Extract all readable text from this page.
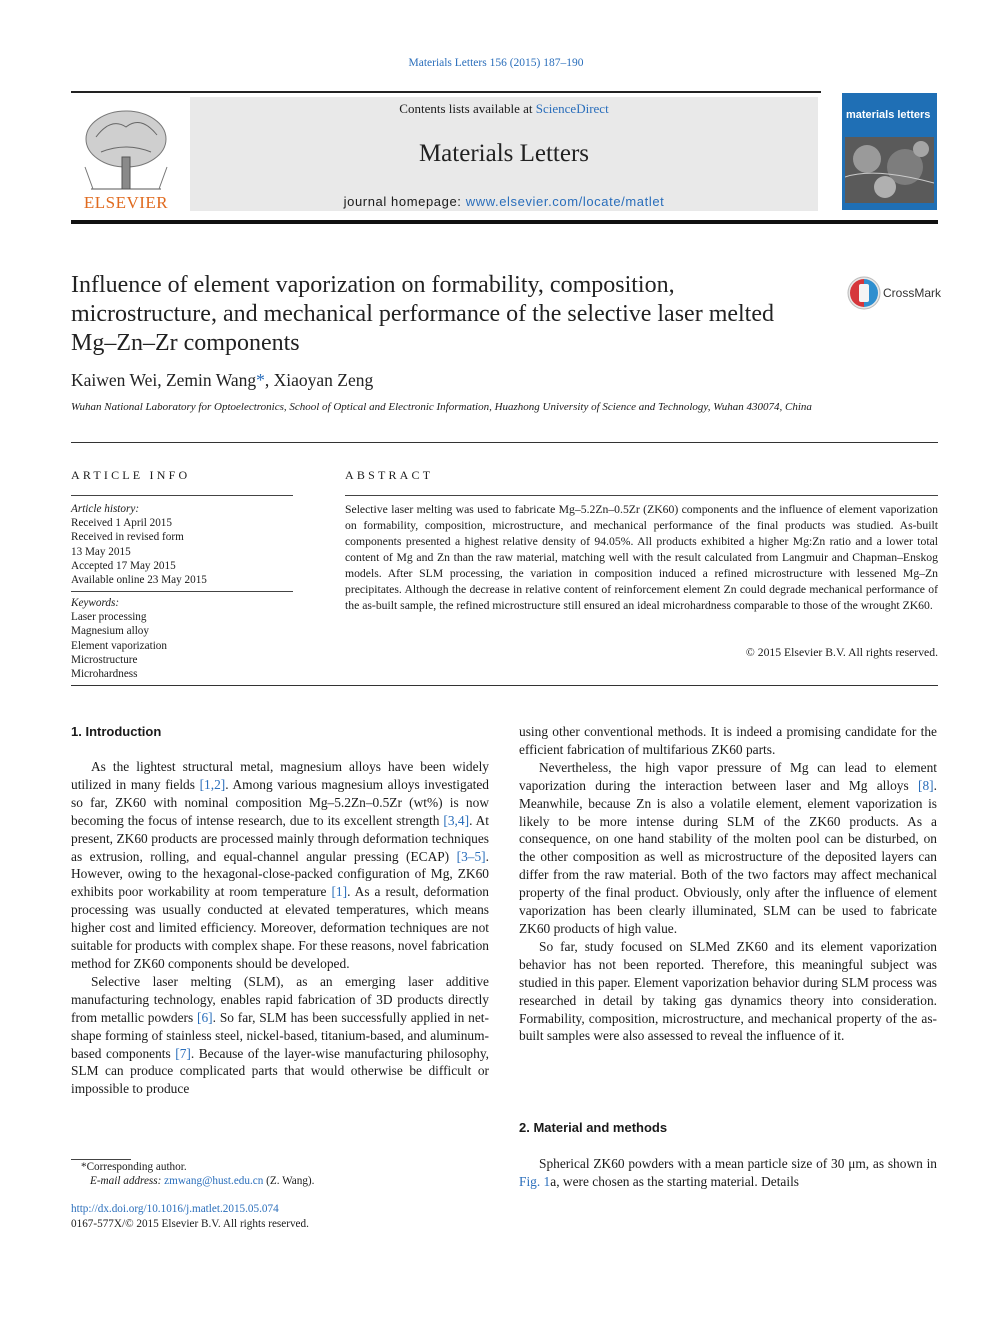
Materials Letters 156 (2015) 187–190
ELSEVIER
Contents lists available at ScienceDirect
Materials Letters
journal homepage: www.elsevier.com/locate/matlet
materials letters
Influence of element vaporization on formability, composition, microstructure, and mechanical performance of the selective laser melted Mg–Zn–Zr components
CrossMark
Kaiwen Wei, Zemin Wang*, Xiaoyan Zeng
Wuhan National Laboratory for Optoelectronics, School of Optical and Electronic Information, Huazhong University of Science and Technology, Wuhan 430074, China
ARTICLE INFO
Article history:
Received 1 April 2015
Received in revised form
13 May 2015
Accepted 17 May 2015
Available online 23 May 2015
Keywords:
Laser processing
Magnesium alloy
Element vaporization
Microstructure
Microhardness
ABSTRACT
Selective laser melting was used to fabricate Mg–5.2Zn–0.5Zr (ZK60) components and the influence of element vaporization on formability, composition, microstructure, and mechanical performance of the final products was studied. As-built components presented a highest relative density of 94.05%. All products exhibited a higher Mg:Zn ratio and a lower total content of Mg and Zn than the raw material, matching well with the result calculated from Langmuir and Chapman–Enskog models. After SLM processing, the variation in composition induced a refined microstructure with lessened Mg–Zn precipitates. Although the decrease in relative content of reinforcement element Zn could degrade mechanical performance of the as-built sample, the refined microstructure still ensured an ideal microhardness comparable to those of the wrought ZK60.
© 2015 Elsevier B.V. All rights reserved.
1. Introduction

As the lightest structural metal, magnesium alloys have been widely utilized in many fields [1,2]. Among various magnesium alloys investigated so far, ZK60 with nominal composition Mg–5.2Zn–0.5Zr (wt%) is now becoming the focus of intense research, due to its excellent strength [3,4]. At present, ZK60 products are processed mainly through deformation techniques as extrusion, rolling, and equal-channel angular pressing (ECAP) [3–5]. However, owing to the hexagonal-close-packed configuration of Mg, ZK60 exhibits poor workability at room temperature [1]. As a result, deformation processing was usually conducted at elevated temperatures, which means higher cost and limited efficiency. Moreover, deformation techniques are not suitable for products with complex shape. For these reasons, novel fabrication method for ZK60 components should be developed.

Selective laser melting (SLM), as an emerging laser additive manufacturing technology, enables rapid fabrication of 3D products directly from metallic powders [6]. So far, SLM has been successfully applied in net-shape forming of stainless steel, nickel-based, titanium-based, and aluminum-based components [7]. Because of the layer-wise manufacturing philosophy, SLM can produce complicated parts that would otherwise be difficult or impossible to produce

using other conventional methods. It is indeed a promising candidate for the efficient fabrication of multifarious ZK60 parts.

Nevertheless, the high vapor pressure of Mg can lead to element vaporization during the interaction between laser and Mg alloys [8]. Meanwhile, because Zn is also a volatile element, element vaporization is likely to be more intense during SLM of the ZK60 products. As a consequence, on one hand stability of the molten pool can be disturbed, on the other composition as well as microstructure of the deposited layers can differ from the raw material. Both of the two factors may affect mechanical property of the final product. Obviously, only after the influence of element vaporization has been clearly illuminated, SLM can be used to fabricate ZK60 products of high value.

So far, study focused on SLMed ZK60 and its element vaporization behavior has not been reported. Therefore, this meaningful subject was studied in this paper. Element vaporization behavior during SLM process was researched in detail by taking gas dynamics theory into consideration. Formability, composition, microstructure, and mechanical property of the as-built samples were also assessed to reveal the influence of it.

2. Material and methods

Spherical ZK60 powders with a mean particle size of 30 μm, as shown in Fig. 1a, were chosen as the starting material. Details

*Corresponding author.
E-mail address: zmwang@hust.edu.cn (Z. Wang).
http://dx.doi.org/10.1016/j.matlet.2015.05.074
0167-577X/© 2015 Elsevier B.V. All rights reserved.
